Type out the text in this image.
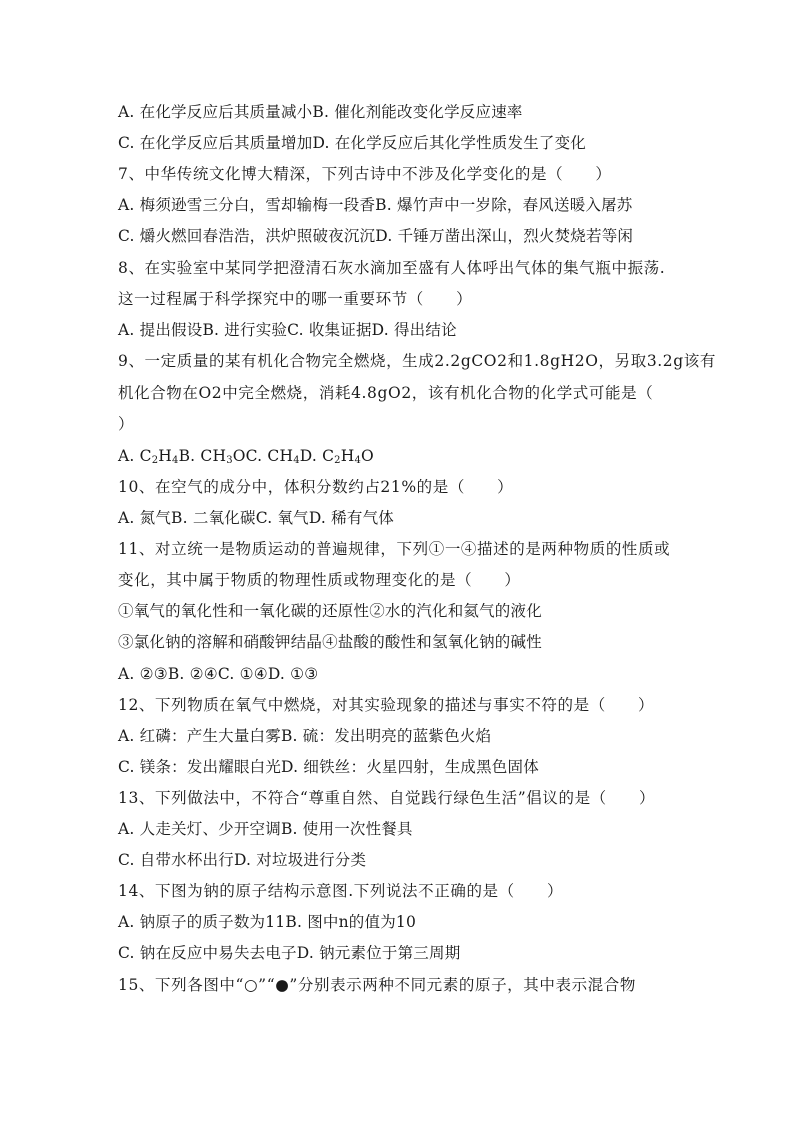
A. 在化学反应后其质量减小B. 催化剂能改变化学反应速率
C. 在化学反应后其质量增加D. 在化学反应后其化学性质发生了变化
7、中华传统文化博大精深，下列古诗中不涉及化学变化的是（　　）
A. 梅须逊雪三分白，雪却输梅一段香B. 爆竹声中一岁除，春风送暖入屠苏
C. 爝火燃回春浩浩，洪炉照破夜沉沉D. 千锤万凿出深山，烈火焚烧若等闲
8、在实验室中某同学把澄清石灰水滴加至盛有人体呼出气体的集气瓶中振荡.
这一过程属于科学探究中的哪一重要环节（　　）
A. 提出假设B. 进行实验C. 收集证据D. 得出结论
9、一定质量的某有机化合物完全燃烧，生成2.2gCO2和1.8gH2O，另取3.2g该有
机化合物在O2中完全燃烧，消耗4.8gO2，该有机化合物的化学式可能是（
）
A. $C_2H_4B$. $CH_3OC$. $CH_4D$. $C_2H_4O$
10、在空气的成分中，体积分数约占21%的是（　　）
A. 氮气B. 二氧化碳C. 氧气D. 稀有气体
11、对立统一是物质运动的普遍规律，下列①一④描述的是两种物质的性质或
变化，其中属于物质的物理性质或物理变化的是（　　）
①氧气的氧化性和一氧化碳的还原性②水的汽化和氦气的液化
③氯化钠的溶解和硝酸钾结晶④盐酸的酸性和氢氧化钠的碱性
A. ②③B. ②④C. ①④D. ①③
12、下列物质在氧气中燃烧，对其实验现象的描述与事实不符的是（　　）
A. 红磷：产生大量白雾B. 硫：发出明亮的蓝紫色火焰
C. 镁条：发出耀眼白光D. 细铁丝：火星四射，生成黑色固体
13、下列做法中，不符合“尊重自然、自觉践行绿色生活”倡议的是（　　）
A. 人走关灯、少开空调B. 使用一次性餐具
C. 自带水杯出行D. 对垃圾进行分类
14、下图为钠的原子结构示意图.下列说法不正确的是（　　）
A. 钠原子的质子数为11B. 图中n的值为10
C. 钠在反应中易失去电子D. 钠元素位于第三周期
15、下列各图中“○”“●”分别表示两种不同元素的原子，其中表示混合物
